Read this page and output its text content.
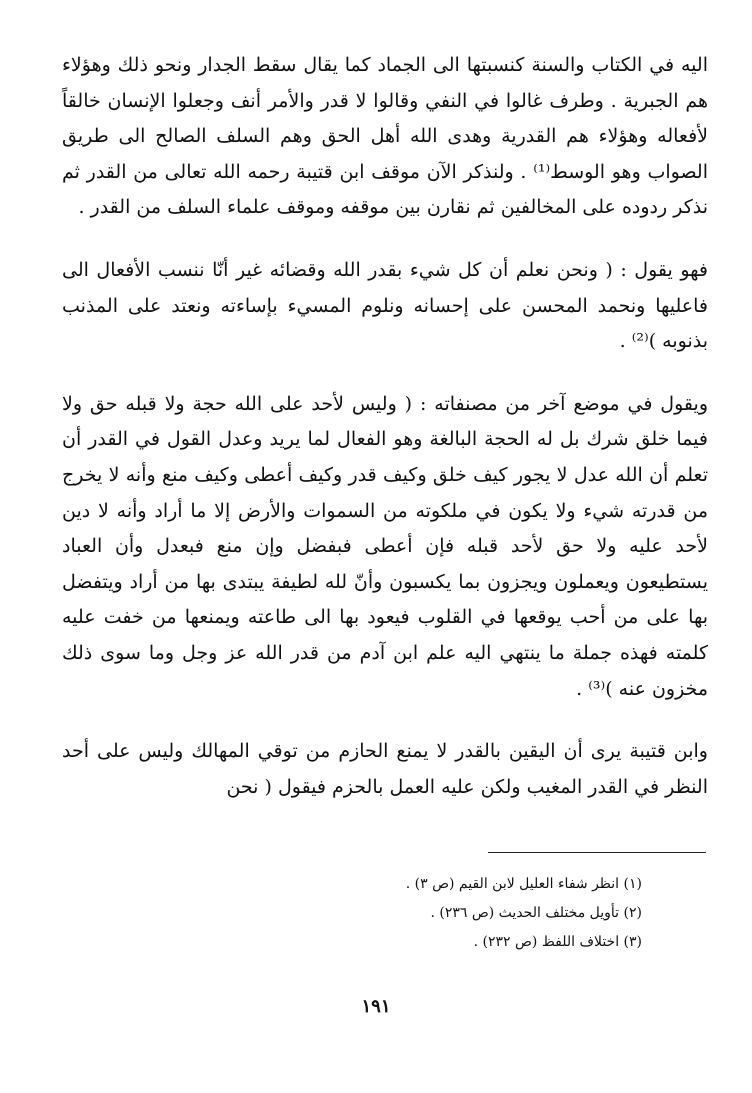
اليه في الكتاب والسنة كنسبتها الى الجماد كما يقال سقط الجدار ونحو ذلك وهؤلاء هم الجبرية . وطرف غالوا في النفي وقالوا لا قدر والأمر أنف وجعلوا الإنسان خالقاً لأفعاله وهؤلاء هم القدرية وهدى الله أهل الحق وهم السلف الصالح الى طريق الصواب وهو الوسط⁽¹⁾ . ولنذكر الآن موقف ابن قتيبة رحمه الله تعالى من القدر ثم نذكر ردوده على المخالفين ثم نقارن بين موقفه وموقف علماء السلف من القدر .

فهو يقول : ( ونحن نعلم أن كل شيء بقدر الله وقضائه غير أنّا ننسب الأفعال الى فاعليها ونحمد المحسن على إحسانه ونلوم المسيء بإساءته ونعتد على المذنب بذنوبه )⁽²⁾ .

ويقول في موضع آخر من مصنفاته : ( وليس لأحد على الله حجة ولا قبله حق ولا فيما خلق شرك بل له الحجة البالغة وهو الفعال لما يريد وعدل القول في القدر أن تعلم أن الله عدل لا يجور كيف خلق وكيف قدر وكيف أعطى وكيف منع وأنه لا يخرج من قدرته شيء ولا يكون في ملكوته من السموات والأرض إلا ما أراد وأنه لا دين لأحد عليه ولا حق لأحد قبله فإن أعطى فبفضل وإن منع فبعدل وأن العباد يستطيعون ويعملون ويجزون بما يكسبون وأنّ لله لطيفة يبتدى بها من أراد ويتفضل بها على من أحب يوقعها في القلوب فيعود بها الى طاعته ويمنعها من خفت عليه كلمته فهذه جملة ما ينتهي اليه علم ابن آدم من قدر الله عز وجل وما سوى ذلك مخزون عنه )⁽³⁾ .

وابن قتيبة يرى أن اليقين بالقدر لا يمنع الحازم من توقي المهالك وليس على أحد النظر في القدر المغيب ولكن عليه العمل بالحزم فيقول ( نحن

(١) انظر شفاء العليل لابن القيم (ص ٣) .
(٢) تأويل مختلف الحديث (ص ٢٣٦) .
(٣) اختلاف اللفظ (ص ٢٣٢) .
١٩١
